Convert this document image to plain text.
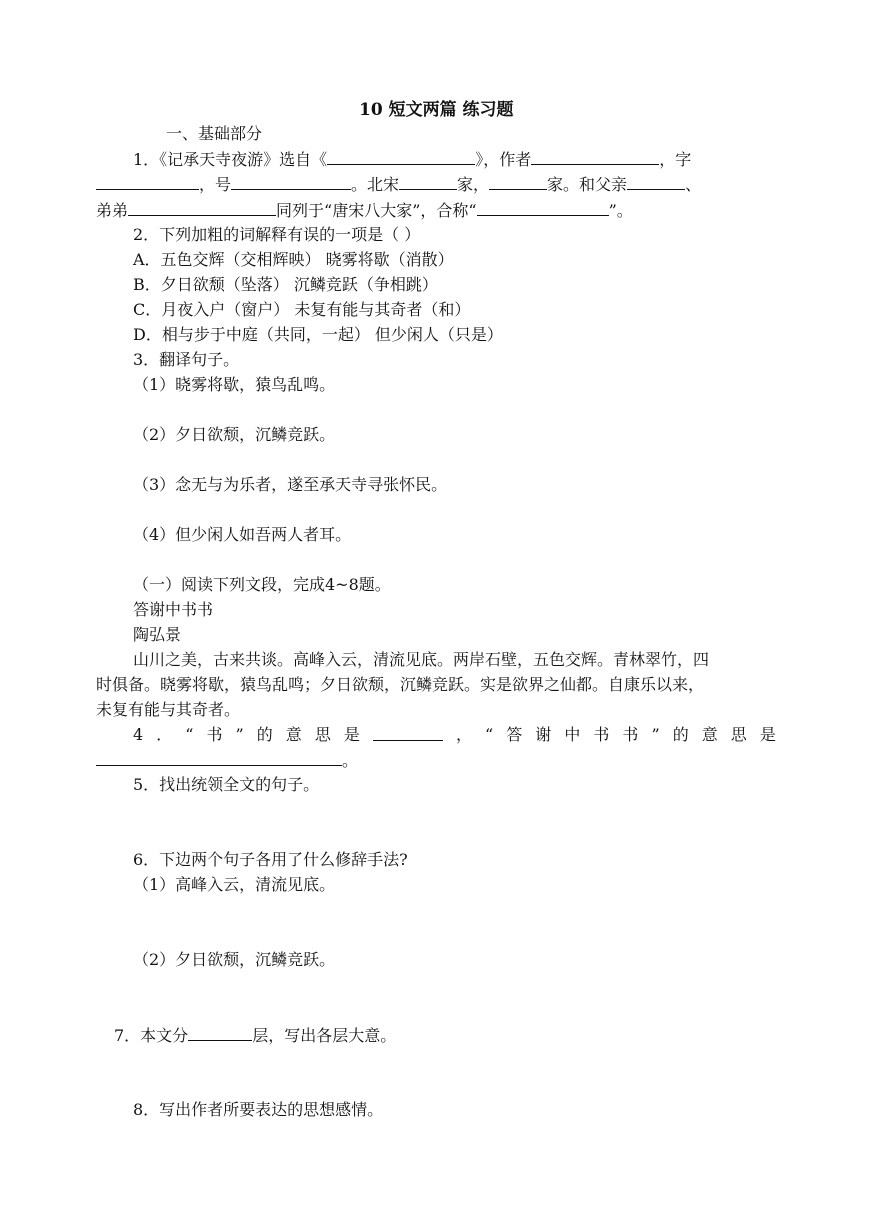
10 短文两篇 练习题
一、基础部分
1．《记承天寺夜游》选自《	》，作者	，字
，号	。北宋	家，	家。和父亲	、
弟弟	同列于“唐宋八大家”，合称“	”。
2．下列加粗的词解释有误的一项是（ ）
A．五色交辉（交相辉映） 晓雾将歇（消散）
B．夕日欲颓（坠落） 沉鳞竞跃（争相跳）
C．月夜入户（窗户） 未复有能与其奇者（和）
D．相与步于中庭（共同，一起） 但少闲人（只是）
3．翻译句子。
（1）晓雾将歇，猿鸟乱鸣。
（2）夕日欲颓，沉鳞竞跃。
（3）念无与为乐者，遂至承天寺寻张怀民。
（4）但少闲人如吾两人者耳。
（一）阅读下列文段，完成4~8题。
答谢中书书
陶弘景
山川之美，古来共谈。高峰入云，清流见底。两岸石壁，五色交辉。青林翠竹，四
时俱备。晓雾将歇，猿鸟乱鸣；夕日欲颓，沉鳞竞跃。实是欲界之仙都。自康乐以来，
未复有能与其奇者。
4 ． “ 书 ” 的 意 思 是	， “ 答 谢 中 书 书 ” 的 意 思 是
。
5．找出统领全文的句子。
6．下边两个句子各用了什么修辞手法?
（1）高峰入云，清流见底。
（2）夕日欲颓，沉鳞竞跃。
7．本文分	层，写出各层大意。
8．写出作者所要表达的思想感情。
